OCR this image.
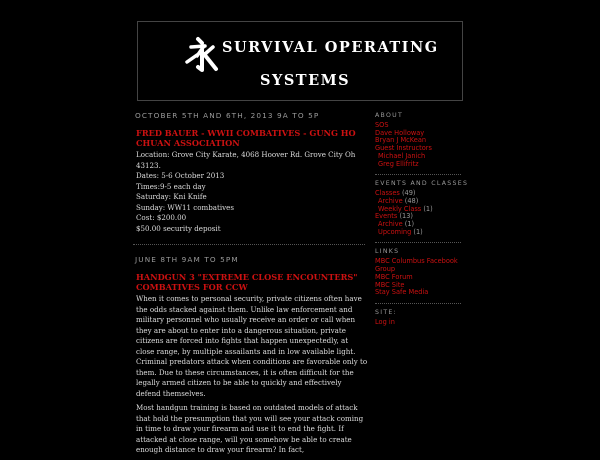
SURVIVAL OPERATING
SYSTEMS
OCTOBER 5TH AND 6TH, 2013 9A TO 5P
FRED BAUER - WWII COMBATIVES - GUNG HO CHUAN ASSOCIATION
Location: Grove City Karate, 4068 Hoover Rd. Grove City Oh 43123.
Dates: 5-6 October 2013
Times:9-5 each day
Saturday: Kni Knife
Sunday: WW11 combatives
Cost: $200.00
$50.00 security deposit
JUNE 8TH 9AM TO 5PM
HANDGUN 3 "EXTREME CLOSE ENCOUNTERS" COMBATIVES FOR CCW

When it comes to personal security, private citizens often have the odds stacked against them. Unlike law enforcement and military personnel who usually receive an order or call when they are about to enter into a dangerous situation, private citizens are forced into fights that happen unexpectedly, at close range, by multiple assailants and in low available light. Criminal predators attack when conditions are favorable only to them. Due to these circumstances, it is often difficult for the legally armed citizen to be able to quickly and effectively defend themselves.

Most handgun training is based on outdated models of attack that hold the presumption that you will see your attack coming in time to draw your firearm and use it to end the fight. If attacked at close range, will you somehow be able to create enough distance to draw your firearm? In fact,

ABOUT
SOS
Dave Holloway
Bryan J McKean
Guest Instructors
Michael Janich
Greg Ellifritz
EVENTS AND CLASSES
Classes (49)
Archive (48)
Weekly Class (1)
Events (13)
Archive (1)
Upcoming (1)
LINKS
MBC Columbus Facebook
Group
MBC Forum
MBC Site
Stay Safe Media
SITE:
Log in
